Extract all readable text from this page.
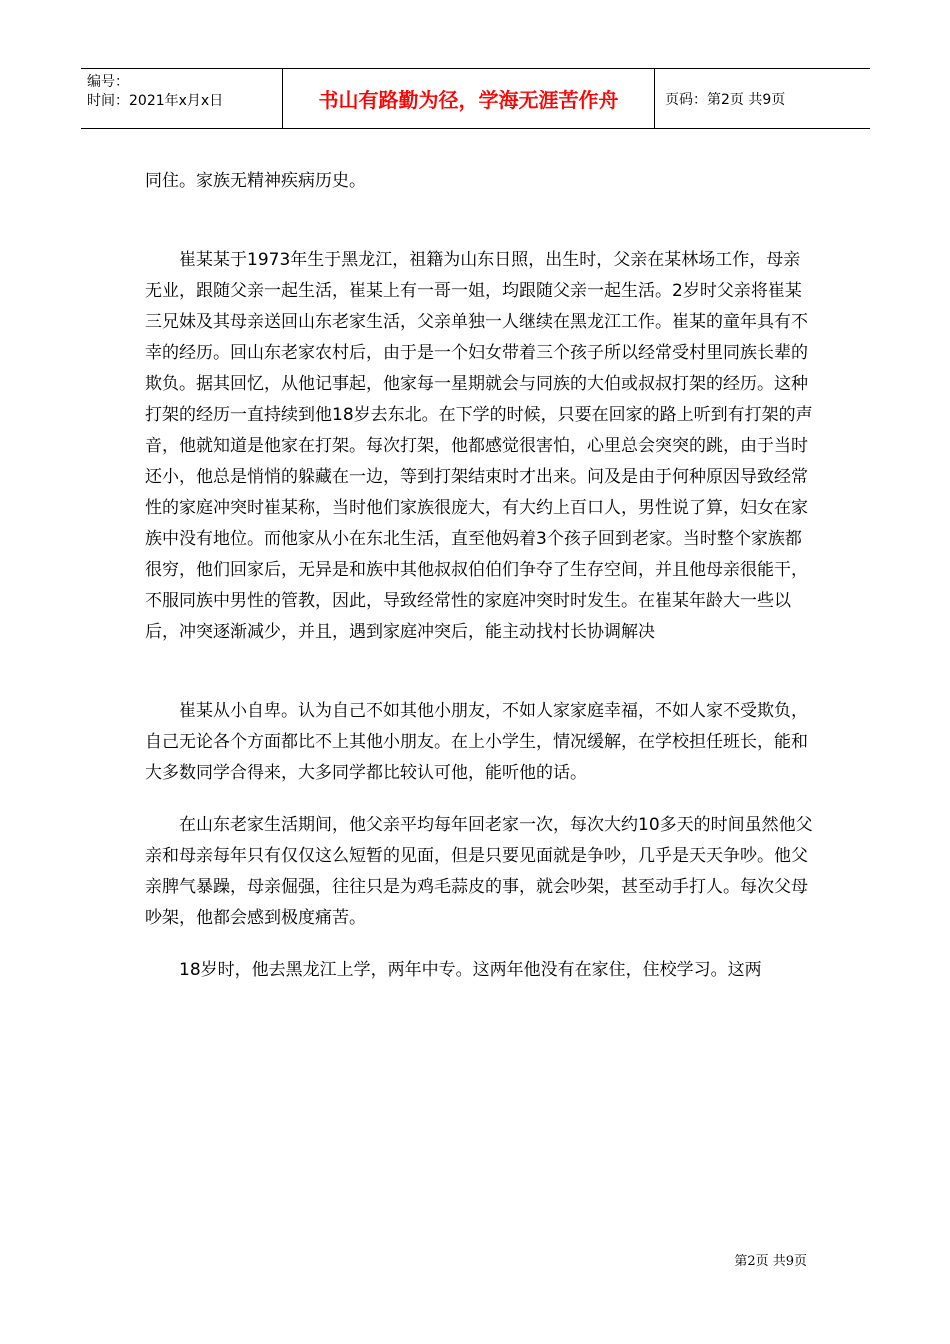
编号：
时间：2021年x月x日	书山有路勤为径，学海无涯苦作舟	页码：第2页 共9页

同住。家族无精神疾病历史。

崔某某于1973年生于黑龙江，祖籍为山东日照，出生时，父亲在某林场工作，母亲无业，跟随父亲一起生活，崔某上有一哥一姐，均跟随父亲一起生活。2岁时父亲将崔某三兄妹及其母亲送回山东老家生活，父亲单独一人继续在黑龙江工作。崔某的童年具有不幸的经历。回山东老家农村后，由于是一个妇女带着三个孩子所以经常受村里同族长辈的欺负。据其回忆，从他记事起，他家每一星期就会与同族的大伯或叔叔打架的经历。这种打架的经历一直持续到他18岁去东北。在下学的时候，只要在回家的路上听到有打架的声音，他就知道是他家在打架。每次打架，他都感觉很害怕，心里总会突突的跳，由于当时还小，他总是悄悄的躲藏在一边，等到打架结束时才出来。问及是由于何种原因导致经常性的家庭冲突时崔某称，当时他们家族很庞大，有大约上百口人，男性说了算，妇女在家族中没有地位。而他家从小在东北生活，直至他妈着3个孩子回到老家。当时整个家族都很穷，他们回家后，无异是和族中其他叔叔伯伯们争夺了生存空间，并且他母亲很能干，不服同族中男性的管教，因此，导致经常性的家庭冲突时时发生。在崔某年龄大一些以后，冲突逐渐减少，并且，遇到家庭冲突后，能主动找村长协调解决

崔某从小自卑。认为自己不如其他小朋友，不如人家家庭幸福，不如人家不受欺负，自己无论各个方面都比不上其他小朋友。在上小学生，情况缓解，在学校担任班长，能和大多数同学合得来，大多同学都比较认可他，能听他的话。

在山东老家生活期间，他父亲平均每年回老家一次，每次大约10多天的时间虽然他父亲和母亲每年只有仅仅这么短暂的见面，但是只要见面就是争吵，几乎是天天争吵。他父亲脾气暴躁，母亲倔强，往往只是为鸡毛蒜皮的事，就会吵架，甚至动手打人。每次父母吵架，他都会感到极度痛苦。

18岁时，他去黑龙江上学，两年中专。这两年他没有在家住，住校学习。这两

第2页 共9页
